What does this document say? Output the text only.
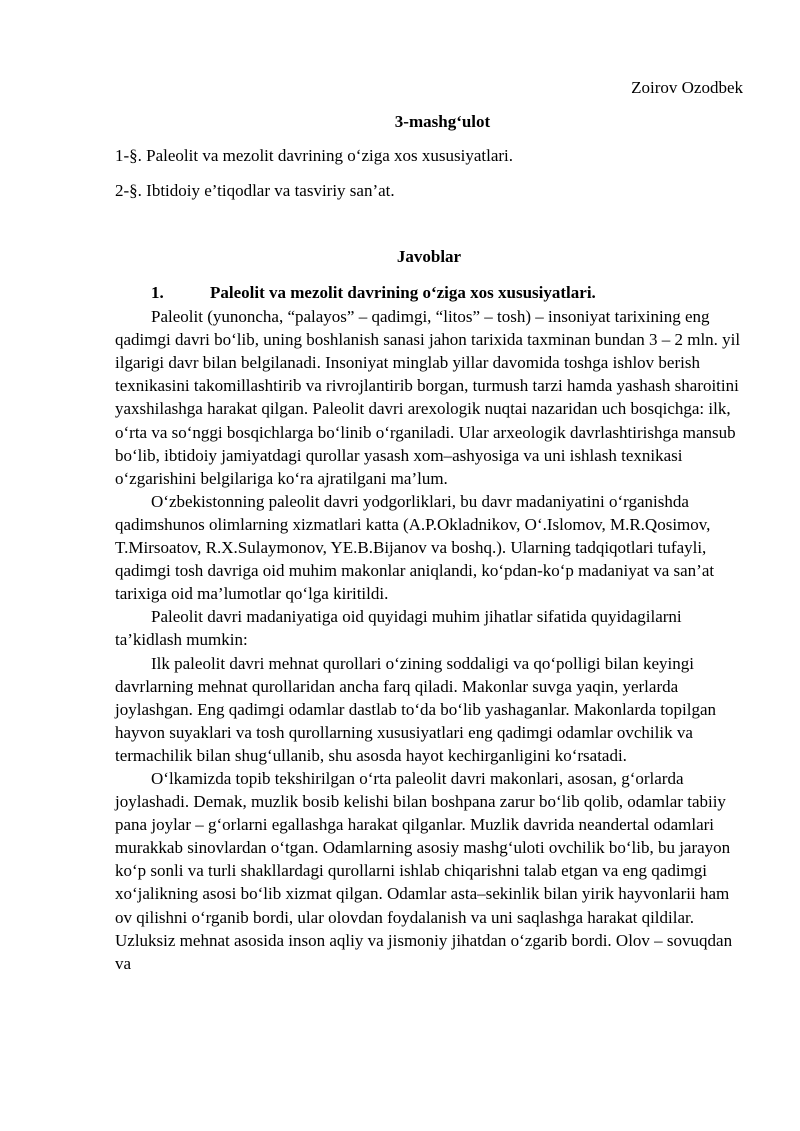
Zoirov Ozodbek
3-mashg‘ulot
1-§. Paleolit va mezolit davrining o‘ziga xos xususiyatlari.
2-§. Ibtidoiy e’tiqodlar va tasviriy san’at.
Javoblar

1.	Paleolit va mezolit davrining o‘ziga xos xususiyatlari.

Paleolit (yunoncha, “palayos” – qadimgi, “litos” – tosh) – insoniyat tarixining eng qadimgi davri bo‘lib, uning boshlanish sanasi jahon tarixida taxminan bundan 3 – 2 mln. yil ilgarigi davr bilan belgilanadi. Insoniyat minglab yillar davomida toshga ishlov berish texnikasini takomillashtirib va rivrojlantirib borgan, turmush tarzi hamda yashash sharoitini yaxshilashga harakat qilgan. Paleolit davri arexologik nuqtai nazaridan uch bosqichga: ilk, o‘rta va so‘nggi bosqichlarga bo‘linib o‘rganiladi. Ular arxeologik davrlashtirishga mansub bo‘lib, ibtidoiy jamiyatdagi qurollar yasash xom–ashyosiga va uni ishlash texnikasi o‘zgarishini belgilariga ko‘ra ajratilgani ma’lum.

O‘zbekistonning paleolit davri yodgorliklari, bu davr madaniyatini o‘rganishda qadimshunos olimlarning xizmatlari katta (A.P.Okladnikov, O‘.Islomov, M.R.Qosimov, T.Mirsoatov, R.X.Sulaymonov, YE.B.Bijanov va boshq.). Ularning tadqiqotlari tufayli, qadimgi tosh davriga oid muhim makonlar aniqlandi, ko‘pdan-ko‘p madaniyat va san’at tarixiga oid ma’lumotlar qo‘lga kiritildi.

Paleolit davri madaniyatiga oid quyidagi muhim jihatlar sifatida quyidagilarni ta’kidlash mumkin:

Ilk paleolit davri mehnat qurollari o‘zining soddaligi va qo‘polligi bilan keyingi davrlarning mehnat qurollaridan ancha farq qiladi. Makonlar suvga yaqin, yerlarda joylashgan. Eng qadimgi odamlar dastlab to‘da bo‘lib yashaganlar. Makonlarda topilgan hayvon suyaklari va tosh qurollarning xususiyatlari eng qadimgi odamlar ovchilik va termachilik bilan shug‘ullanib, shu asosda hayot kechirganligini ko‘rsatadi.

O‘lkamizda topib tekshirilgan o‘rta paleolit davri makonlari, asosan, g‘orlarda joylashadi. Demak, muzlik bosib kelishi bilan boshpana zarur bo‘lib qolib, odamlar tabiiy pana joylar – g‘orlarni egallashga harakat qilganlar. Muzlik davrida neandertal odamlari murakkab sinovlardan o‘tgan. Odamlarning asosiy mashg‘uloti ovchilik bo‘lib, bu jarayon ko‘p sonli va turli shakllardagi qurollarni ishlab chiqarishni talab etgan va eng qadimgi xo‘jalikning asosi bo‘lib xizmat qilgan. Odamlar asta–sekinlik bilan yirik hayvonlarii ham ov qilishni o‘rganib bordi, ular olovdan foydalanish va uni saqlashga harakat qildilar. Uzluksiz mehnat asosida inson aqliy va jismoniy jihatdan o‘zgarib bordi. Olov – sovuqdan va
